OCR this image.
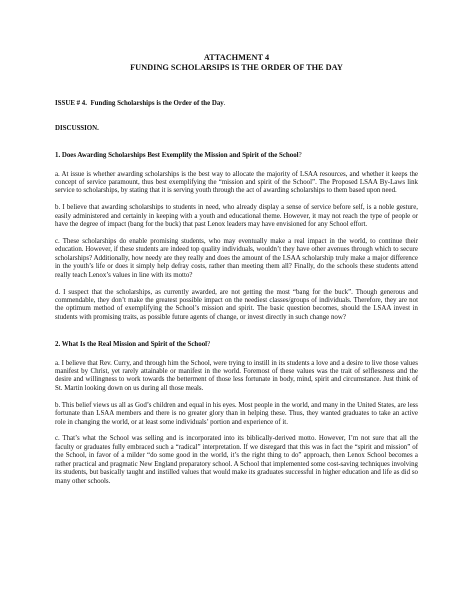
ATTACHMENT 4

FUNDING SCHOLARSIPS IS THE ORDER OF THE DAY

ISSUE # 4. Funding Scholarships is the Order of the Day.

DISCUSSION.

1. Does Awarding Scholarships Best Exemplify the Mission and Spirit of the School?

a. At issue is whether awarding scholarships is the best way to allocate the majority of LSAA resources, and whether it keeps the concept of service paramount, thus best exemplifying the “mission and spirit of the School”. The Proposed LSAA By-Laws link service to scholarships, by stating that it is serving youth through the act of awarding scholarships to them based upon need.

b. I believe that awarding scholarships to students in need, who already display a sense of service before self, is a noble gesture, easily administered and certainly in keeping with a youth and educational theme. However, it may not reach the type of people or have the degree of impact (bang for the buck) that past Lenox leaders may have envisioned for any School effort.

c. These scholarships do enable promising students, who may eventually make a real impact in the world, to continue their education. However, if these students are indeed top quality individuals, wouldn’t they have other avenues through which to secure scholarships? Additionally, how needy are they really and does the amount of the LSAA scholarship truly make a major difference in the youth’s life or does it simply help defray costs, rather than meeting them all? Finally, do the schools these students attend really teach Lenox’s values in line with its motto?

d. I suspect that the scholarships, as currently awarded, are not getting the most “bang for the buck”. Though generous and commendable, they don’t make the greatest possible impact on the neediest classes/groups of individuals. Therefore, they are not the optimum method of exemplifying the School’s mission and spirit. The basic question becomes, should the LSAA invest in students with promising traits, as possible future agents of change, or invest directly in such change now?

2. What Is the Real Mission and Spirit of the School?

a. I believe that Rev. Curry, and through him the School, were trying to instill in its students a love and a desire to live those values manifest by Christ, yet rarely attainable or manifest in the world. Foremost of these values was the trait of selflessness and the desire and willingness to work towards the betterment of those less fortunate in body, mind, spirit and circumstance. Just think of St. Martin looking down on us during all those meals.

b. This belief views us all as God’s children and equal in his eyes. Most people in the world, and many in the United States, are less fortunate than LSAA members and there is no greater glory than in helping these. Thus, they wanted graduates to take an active role in changing the world, or at least some individuals’ portion and experience of it.

c. That’s what the School was selling and is incorporated into its biblically-derived motto. However, I’m not sure that all the faculty or graduates fully embraced such a “radical” interpretation. If we disregard that this was in fact the “spirit and mission” of the School, in favor of a milder “do some good in the world, it’s the right thing to do” approach, then Lenox School becomes a rather practical and pragmatic New England preparatory school. A School that implemented some cost-saving techniques involving its students, but basically taught and instilled values that would make its graduates successful in higher education and life as did so many other schools.
